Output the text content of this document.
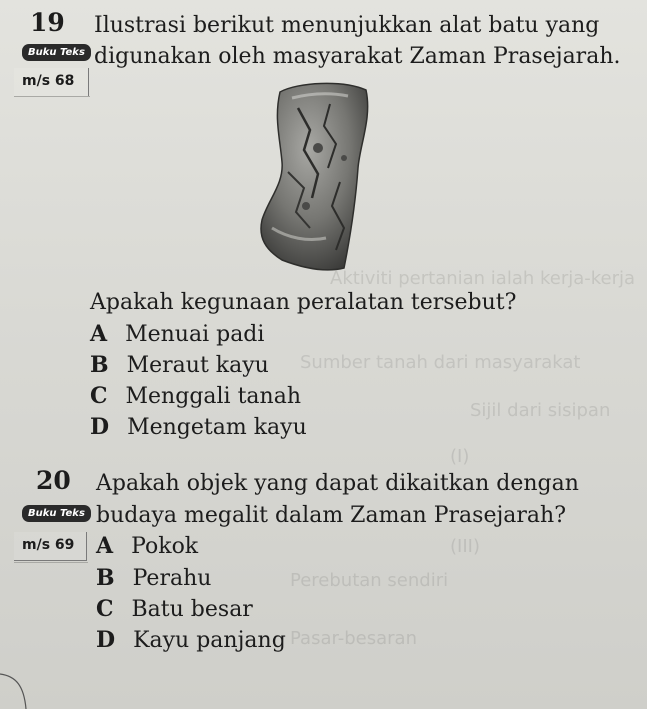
Aktiviti pertanian ialah kerja-kerja
Sumber tanah dari masyarakat
Sijil dari sisipan
(I)
(III)
Perebutan sendiri
Pasar-besaran
19 Ilustrasi berikut menunjukkan alat batu yang
Buku Teks digunakan oleh masyarakat Zaman Prasejarah.
m/s 68
Apakah kegunaan peralatan tersebut?
A Menuai padi
B Meraut kayu
C Menggali tanah
D Mengetam kayu
20 Apakah objek yang dapat dikaitkan dengan
Buku Teks budaya megalit dalam Zaman Prasejarah?
m/s 69 A Pokok
B Perahu
C Batu besar
D Kayu panjang
